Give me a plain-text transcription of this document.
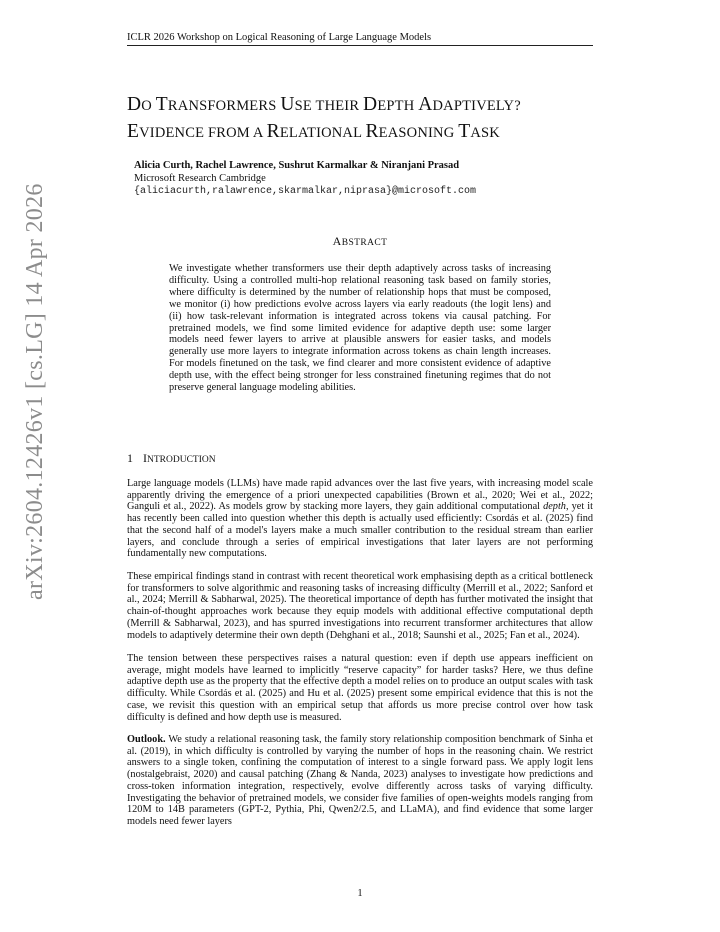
ICLR 2026 Workshop on Logical Reasoning of Large Language Models
DO TRANSFORMERS USE THEIR DEPTH ADAPTIVELY?
EVIDENCE FROM A RELATIONAL REASONING TASK
Alicia Curth, Rachel Lawrence, Sushrut Karmalkar & Niranjani Prasad
Microsoft Research Cambridge
{aliciacurth,ralawrence,skarmalkar,niprasa}@microsoft.com
ABSTRACT
We investigate whether transformers use their depth adaptively across tasks of increasing difficulty. Using a controlled multi-hop relational reasoning task based on family stories, where difficulty is determined by the number of relationship hops that must be composed, we monitor (i) how predictions evolve across layers via early readouts (the logit lens) and (ii) how task-relevant information is integrated across tokens via causal patching. For pretrained models, we find some limited evidence for adaptive depth use: some larger models need fewer layers to arrive at plausible answers for easier tasks, and models generally use more layers to integrate information across tokens as chain length increases. For models finetuned on the task, we find clearer and more consistent evidence of adaptive depth use, with the effect being stronger for less constrained finetuning regimes that do not preserve general language modeling abilities.
1 INTRODUCTION

Large language models (LLMs) have made rapid advances over the last five years, with increasing model scale apparently driving the emergence of a priori unexpected capabilities (Brown et al., 2020; Wei et al., 2022; Ganguli et al., 2022). As models grow by stacking more layers, they gain additional computational depth, yet it has recently been called into question whether this depth is actually used efficiently: Csordás et al. (2025) find that the second half of a model's layers make a much smaller contribution to the residual stream than earlier layers, and conclude through a series of empirical investigations that later layers are not performing fundamentally new computations.

These empirical findings stand in contrast with recent theoretical work emphasising depth as a critical bottleneck for transformers to solve algorithmic and reasoning tasks of increasing difficulty (Merrill et al., 2022; Sanford et al., 2024; Merrill & Sabharwal, 2025). The theoretical importance of depth has further motivated the insight that chain-of-thought approaches work because they equip models with additional effective computational depth (Merrill & Sabharwal, 2023), and has spurred investigations into recurrent transformer architectures that allow models to adaptively determine their own depth (Dehghani et al., 2018; Saunshi et al., 2025; Fan et al., 2024).

The tension between these perspectives raises a natural question: even if depth use appears inefficient on average, might models have learned to implicitly “reserve capacity” for harder tasks? Here, we thus define adaptive depth use as the property that the effective depth a model relies on to produce an output scales with task difficulty. While Csordás et al. (2025) and Hu et al. (2025) present some empirical evidence that this is not the case, we revisit this question with an empirical setup that affords us more precise control over how task difficulty is defined and how depth use is measured.

Outlook. We study a relational reasoning task, the family story relationship composition benchmark of Sinha et al. (2019), in which difficulty is controlled by varying the number of hops in the reasoning chain. We restrict answers to a single token, confining the computation of interest to a single forward pass. We apply logit lens (nostalgebraist, 2020) and causal patching (Zhang & Nanda, 2023) analyses to investigate how predictions and cross-token information integration, respectively, evolve differently across tasks of varying difficulty. Investigating the behavior of pretrained models, we consider five families of open-weights models ranging from 120M to 14B parameters (GPT-2, Pythia, Phi, Qwen2/2.5, and LLaMA), and find evidence that some larger models need fewer layers

arXiv:2604.12426v1 [cs.LG] 14 Apr 2026
1
